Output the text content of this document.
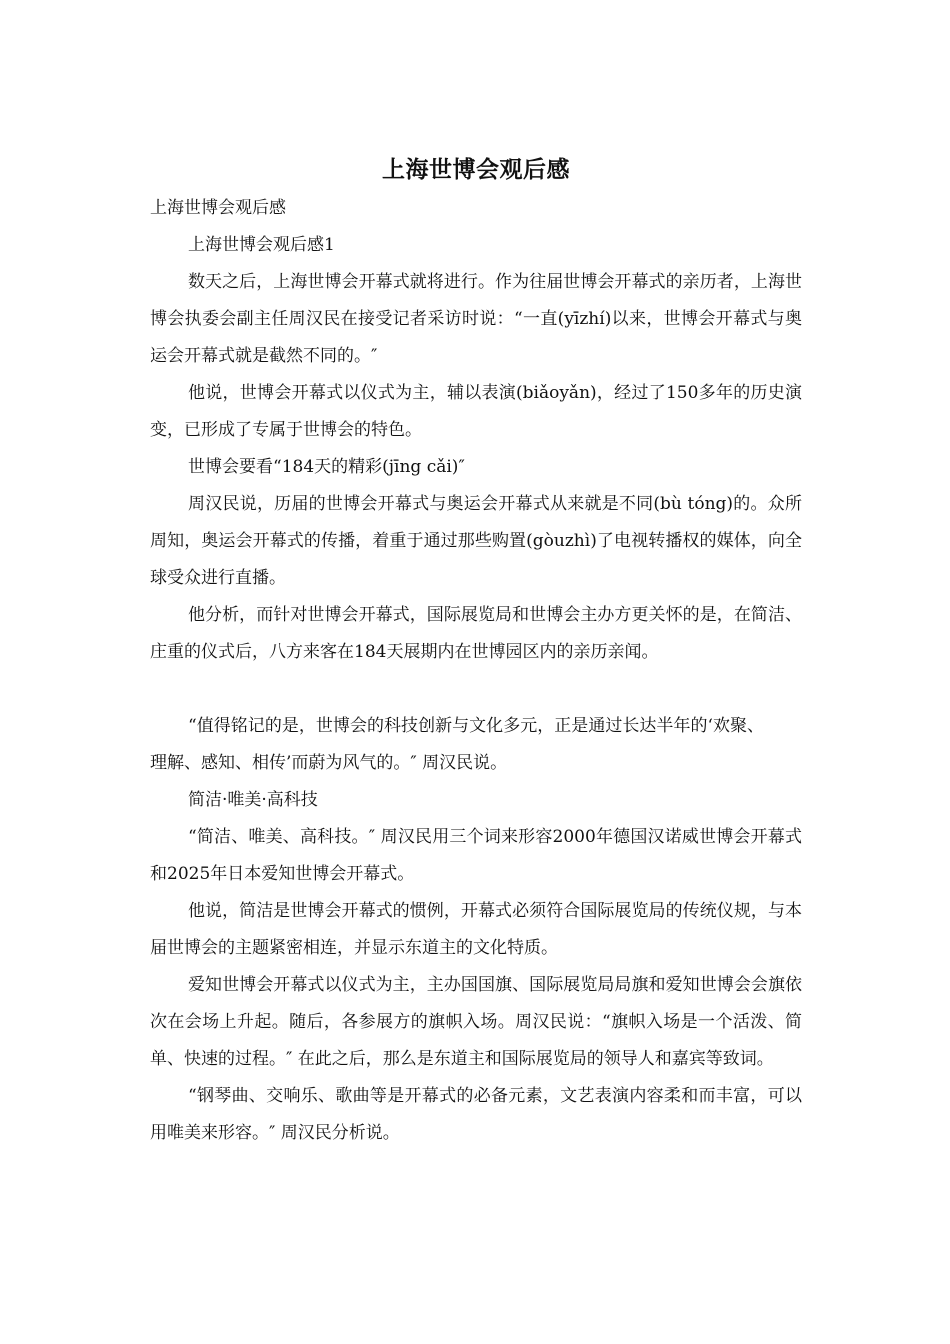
上海世博会观后感

上海世博会观后感

上海世博会观后感1

数天之后，上海世博会开幕式就将进行。作为往届世博会开幕式的亲历者，上海世博会执委会副主任周汉民在接受记者采访时说：“一直(yīzhí)以来，世博会开幕式与奥运会开幕式就是截然不同的。″

他说，世博会开幕式以仪式为主，辅以表演(biǎoyǎn)，经过了150多年的历史演变，已形成了专属于世博会的特色。

世博会要看“184天的精彩(jīng cǎi)″

周汉民说，历届的世博会开幕式与奥运会开幕式从来就是不同(bù tóng)的。众所周知，奥运会开幕式的传播，着重于通过那些购置(gòuzhì)了电视转播权的媒体，向全球受众进行直播。

他分析，而针对世博会开幕式，国际展览局和世博会主办方更关怀的是，在简洁、庄重的仪式后，八方来客在184天展期内在世博园区内的亲历亲闻。

“值得铭记的是，世博会的科技创新与文化多元，正是通过长达半年的‘欢聚、理解、感知、相传’而蔚为风气的。″ 周汉民说。

简洁·唯美·高科技

“简洁、唯美、高科技。″ 周汉民用三个词来形容2000年德国汉诺威世博会开幕式和2025年日本爱知世博会开幕式。

他说，简洁是世博会开幕式的惯例，开幕式必须符合国际展览局的传统仪规，与本届世博会的主题紧密相连，并显示东道主的文化特质。

爱知世博会开幕式以仪式为主，主办国国旗、国际展览局局旗和爱知世博会会旗依次在会场上升起。随后，各参展方的旗帜入场。周汉民说：“旗帜入场是一个活泼、简单、快速的过程。″ 在此之后，那么是东道主和国际展览局的领导人和嘉宾等致词。

“钢琴曲、交响乐、歌曲等是开幕式的必备元素，文艺表演内容柔和而丰富，可以用唯美来形容。″ 周汉民分析说。
